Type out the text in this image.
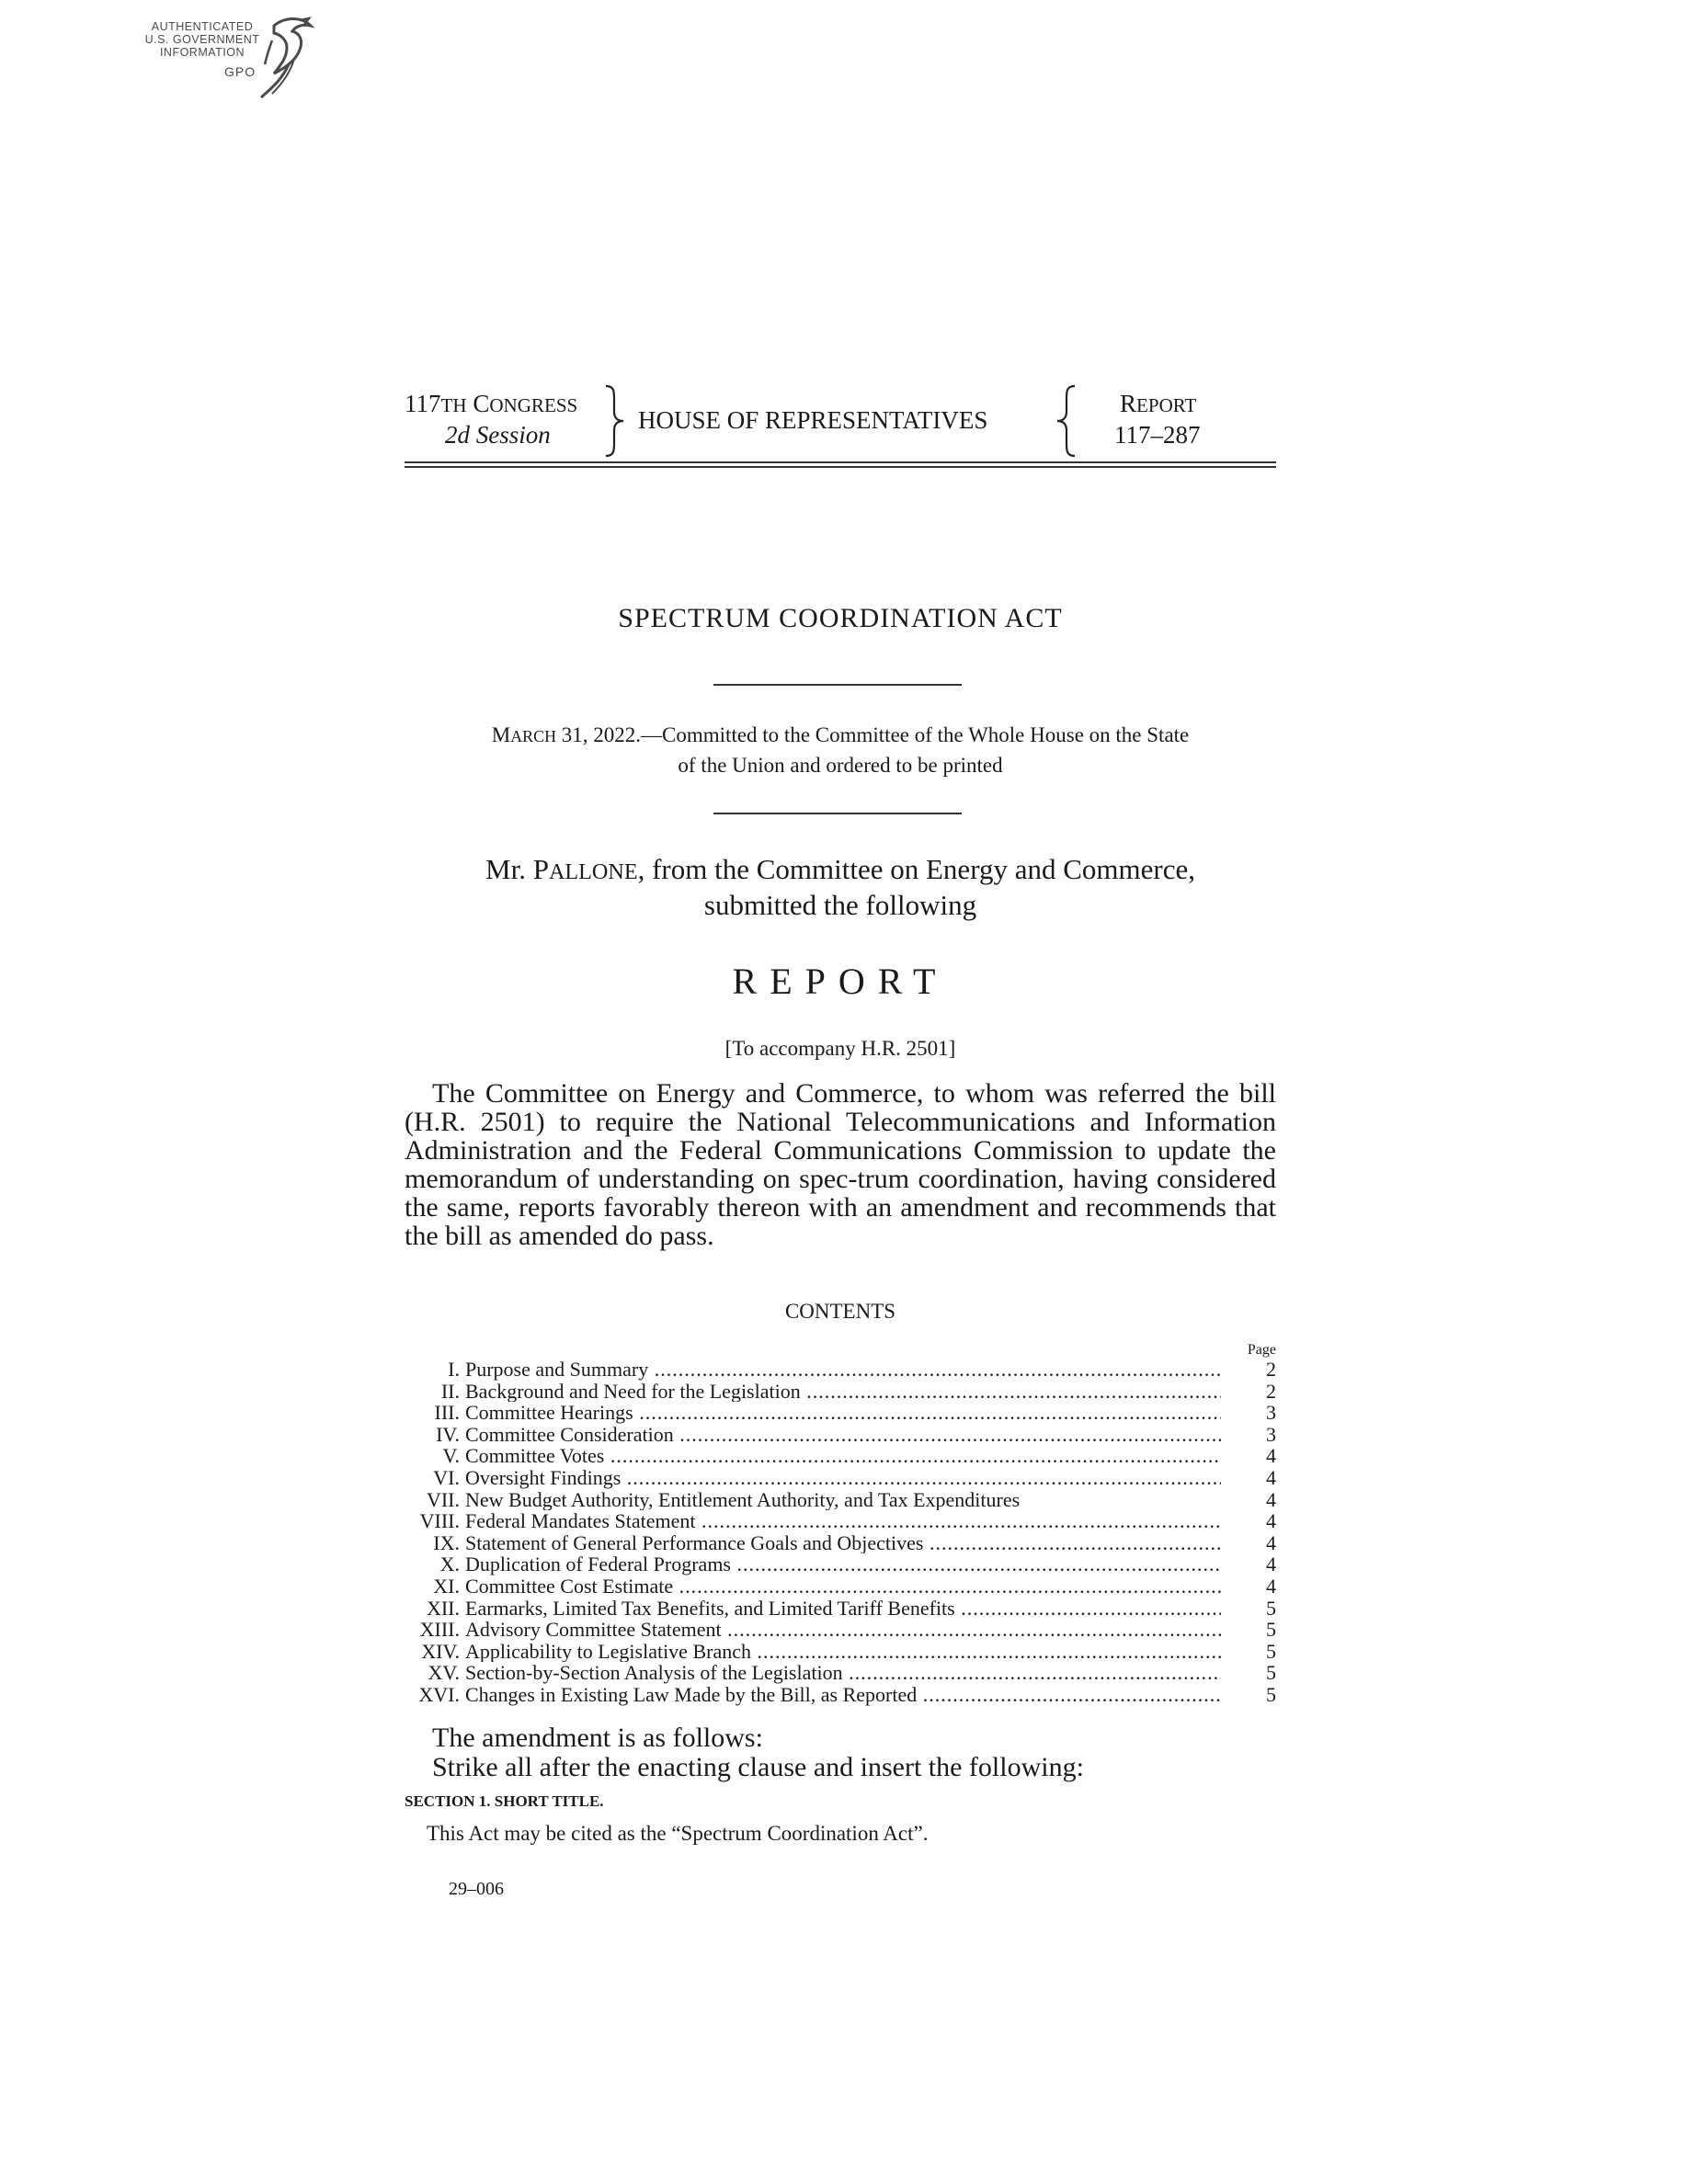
AUTHENTICATED
U.S. GOVERNMENT
INFORMATION
GPO
117TH CONGRESS
2d Session
HOUSE OF REPRESENTATIVES
REPORT
117–287
SPECTRUM COORDINATION ACT
MARCH 31, 2022.—Committed to the Committee of the Whole House on the State
of the Union and ordered to be printed
Mr. PALLONE, from the Committee on Energy and Commerce,
submitted the following
REPORT
[To accompany H.R. 2501]

The Committee on Energy and Commerce, to whom was referred the bill (H.R. 2501) to require the National Telecommunications and Information Administration and the Federal Communications Commission to update the memorandum of understanding on spec-trum coordination, having considered the same, reports favorably thereon with an amendment and recommends that the bill as amended do pass.

CONTENTS
Page
I. Purpose and Summary .....	2
II. Background and Need for the Legislation .....	2
III. Committee Hearings .....	3
IV. Committee Consideration .....	3
V. Committee Votes .....	4
VI. Oversight Findings .....	4
VII. New Budget Authority, Entitlement Authority, and Tax Expenditures	4
VIII. Federal Mandates Statement .....	4
IX. Statement of General Performance Goals and Objectives .....	4
X. Duplication of Federal Programs .....	4
XI. Committee Cost Estimate .....	4
XII. Earmarks, Limited Tax Benefits, and Limited Tariff Benefits .....	5
XIII. Advisory Committee Statement .....	5
XIV. Applicability to Legislative Branch .....	5
XV. Section-by-Section Analysis of the Legislation .....	5
XVI. Changes in Existing Law Made by the Bill, as Reported .....	5
The amendment is as follows:
Strike all after the enacting clause and insert the following:
SECTION 1. SHORT TITLE.
This Act may be cited as the “Spectrum Coordination Act”.
29–006
